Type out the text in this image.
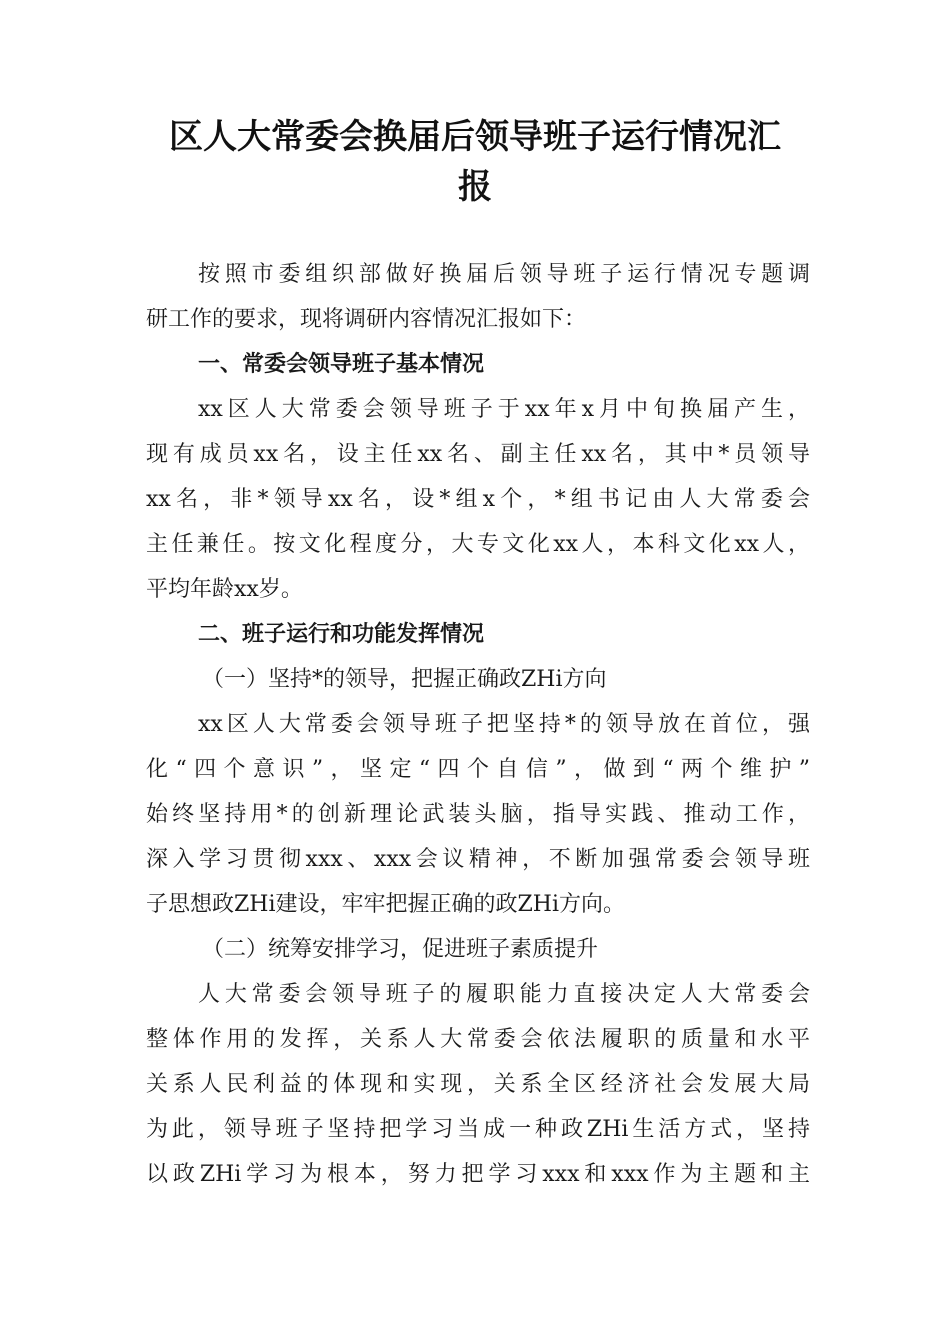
区人大常委会换届后领导班子运行情况汇
报
按照市委组织部做好换届后领导班子运行情况专题调
研工作的要求，现将调研内容情况汇报如下：
一、常委会领导班子基本情况
xx区人大常委会领导班子于xx年x月中旬换届产生，
现有成员xx名，设主任xx名、副主任xx名，其中*员领导
xx名，非*领导xx名，设*组x个，*组书记由人大常委会
主任兼任。按文化程度分，大专文化xx人，本科文化xx人，
平均年龄xx岁。
二、班子运行和功能发挥情况
（一）坚持*的领导，把握正确政ZHi方向
xx区人大常委会领导班子把坚持*的领导放在首位，强
化“四个意识”，坚定“四个自信”，做到“两个维护”
始终坚持用*的创新理论武装头脑，指导实践、推动工作，
深入学习贯彻xxx、xxx会议精神，不断加强常委会领导班
子思想政ZHi建设，牢牢把握正确的政ZHi方向。
（二）统筹安排学习，促进班子素质提升
人大常委会领导班子的履职能力直接决定人大常委会
整体作用的发挥，关系人大常委会依法履职的质量和水平
关系人民利益的体现和实现，关系全区经济社会发展大局
为此，领导班子坚持把学习当成一种政ZHi生活方式，坚持
以政ZHi学习为根本，努力把学习xxx和xxx作为主题和主
